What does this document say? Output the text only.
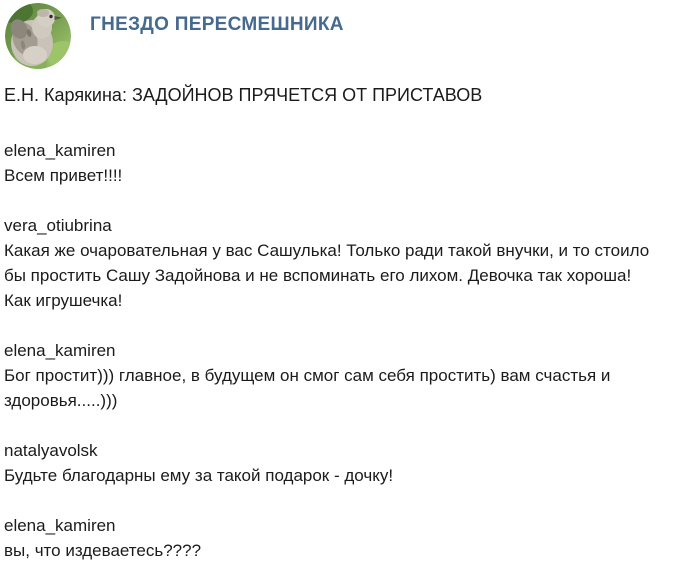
ГНЕЗДО ПЕРЕСМЕШНИКА
Е.Н. Карякина: ЗАДОЙНОВ ПРЯЧЕТСЯ ОТ ПРИСТАВОВ
elena_kamiren
Всем привет!!!!
vera_otiubrina
Какая же очаровательная у вас Сашулька! Только ради такой внучки, и то стоило
бы простить Сашу Задойнова и не вспоминать его лихом. Девочка так хороша!
Как игрушечка!
elena_kamiren
Бог простит))) главное, в будущем он смог сам себя простить) вам счастья и
здоровья.....)))
natalyavolsk
Будьте благодарны ему за такой подарок - дочку!
elena_kamiren
вы, что издеваетесь????
